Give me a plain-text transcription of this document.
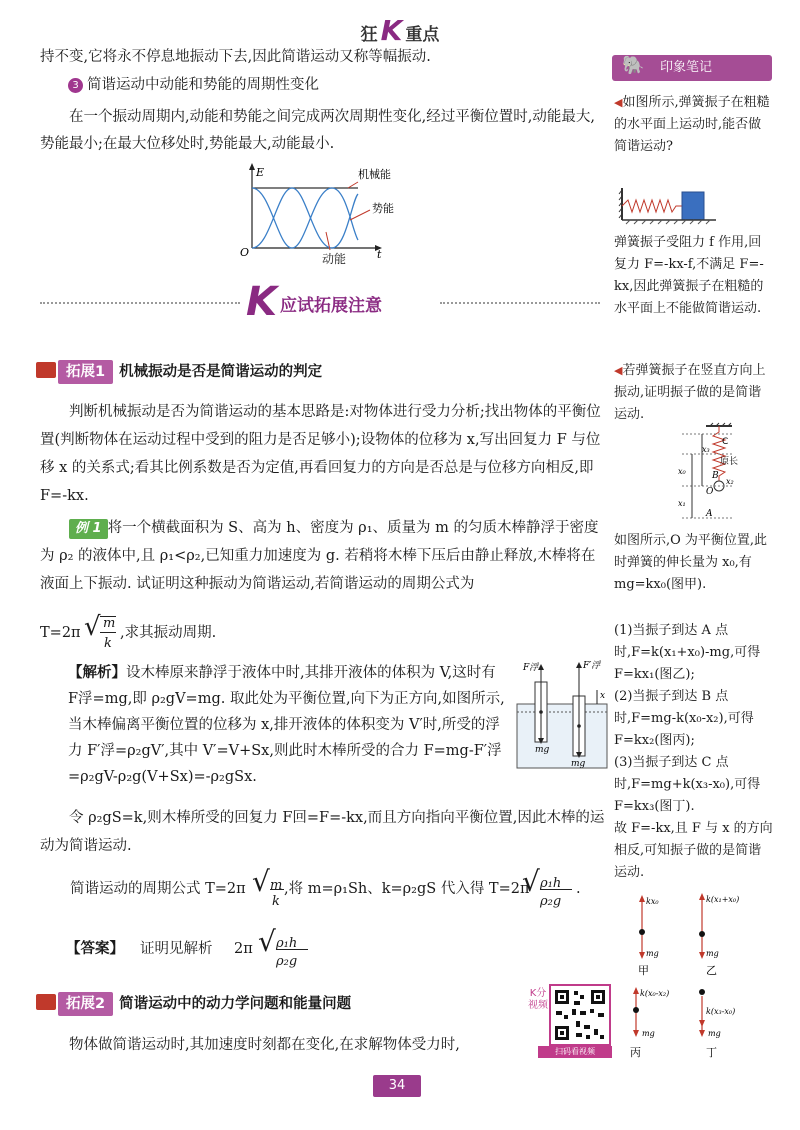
狂 K 重点
持不变,它将永不停息地振动下去,因此简谐运动又称等幅振动.
3 简谐运动中动能和势能的周期性变化
在一个振动周期内,动能和势能之间完成两次周期性变化,经过平衡位置时,动能最大,势能最小;在最大位移处时,势能最大,动能最小.
E
t
O
机械能
势能
动能
K 应试拓展注意
拓展1 机械振动是否是简谐运动的判定
判断机械振动是否为简谐运动的基本思路是:对物体进行受力分析;找出物体的平衡位置(判断物体在运动过程中受到的阻力是否足够小);设物体的位移为 x,写出回复力 F 与位移 x 的关系式;看其比例系数是否为定值,再看回复力的方向是否总是与位移方向相反,即 F=-kx.
例 1 将一个横截面积为 S、高为 h、密度为 ρ₁、质量为 m 的匀质木棒静浮于密度为 ρ₂ 的液体中,且 ρ₁<ρ₂,已知重力加速度为 g. 若稍将木棒下压后由静止释放,木棒将在液面上下振动. 试证明这种振动为简谐运动,若简谐运动的周期公式为
T=2π √ m
k
,求其振动周期.
【解析】设木棒原来静浮于液体中时,其排开液体的体积为 V,这时有 F浮=mg,即 ρ₂gV=mg. 取此处为平衡位置,向下为正方向,如图所示,当木棒偏离平衡位置的位移为 x,排开液体的体积变为 V′时,所受的浮力 F′浮=ρ₂gV′,其中 V′=V+Sx,则此时木棒所受的合力 F=mg-F′浮=ρ₂gV-ρ₂g(V+Sx)=-ρ₂gSx.
F浮	F′浮
mg
mg
x
令 ρ₂gS=k,则木棒所受的回复力 F回=F=-kx,而且方向指向平衡位置,因此木棒的运动为简谐运动.
简谐运动的周期公式 T=2π √ m
k
,将 m=ρ₁Sh、k=ρ₂gS 代入得 T=2π
√ ρ₁h
ρ₂g
.
【答案】 证明见解析 2π √ ρ₁h
ρ₂g
拓展2 简谐运动中的动力学问题和能量问题
物体做简谐运动时,其加速度时刻都在变化,在求解物体受力时,
K分
视频
扫码看视频
34
🐘 印象笔记
◀如图所示,弹簧振子在粗糙的水平面上运动时,能否做简谐运动?
弹簧振子受阻力 f 作用,回复力 F=-kx-f,不满足 F=-kx,因此弹簧振子在粗糙的水平面上不能做简谐运动.
◀若弹簧振子在竖直方向上振动,证明振子做的是简谐运动.
C
原长
B
O
A
x₀
x₁
x₂
x₃
如图所示,O 为平衡位置,此时弹簧的伸长量为 x₀,有 mg=kx₀(图甲).
(1)当振子到达 A 点时,F=k(x₁+x₀)-mg,可得 F=kx₁(图乙);
(2)当振子到达 B 点时,F=mg-k(x₀-x₂),可得 F=kx₂(图丙);
(3)当振子到达 C 点时,F=mg+k(x₃-x₀),可得 F=kx₃(图丁).
故 F=-kx,且 F 与 x 的方向相反,可知振子做的是简谐运动.
kx₀
mg
甲
k(x₁+x₀)
mg
乙
k(x₀-x₂)
mg
丙
k(x₃-x₀)
mg
丁
